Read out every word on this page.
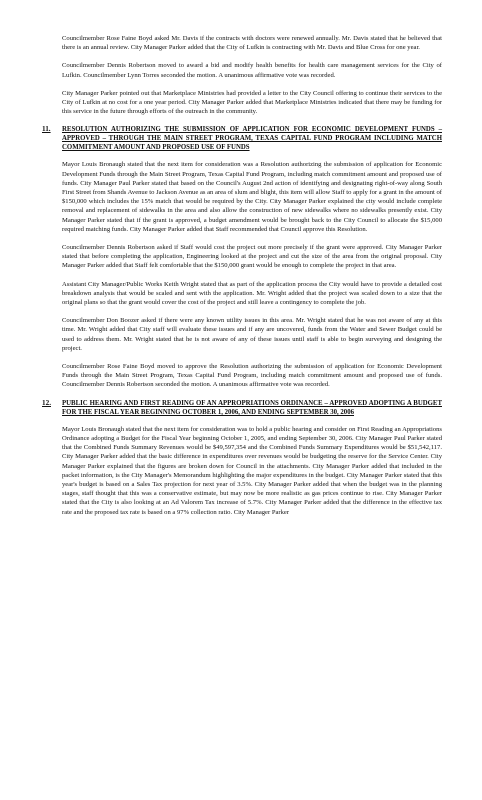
Councilmember Rose Faine Boyd asked Mr. Davis if the contracts with doctors were renewed annually. Mr. Davis stated that he believed that there is an annual review. City Manager Parker added that the City of Lufkin is contracting with Mr. Davis and Blue Cross for one year.

Councilmember Dennis Robertson moved to award a bid and modify health benefits for health care management services for the City of Lufkin. Councilmember Lynn Torres seconded the motion. A unanimous affirmative vote was recorded.

City Manager Parker pointed out that Marketplace Ministries had provided a letter to the City Council offering to continue their services to the City of Lufkin at no cost for a one year period. City Manager Parker added that Marketplace Ministries indicated that there may be funding for this service in the future through efforts of the outreach in the community.

11.	RESOLUTION AUTHORIZING THE SUBMISSION OF APPLICATION FOR ECONOMIC DEVELOPMENT FUNDS – APPROVED – THROUGH THE MAIN STREET PROGRAM, TEXAS CAPITAL FUND PROGRAM INCLUDING MATCH COMMITMENT AMOUNT AND PROPOSED USE OF FUNDS

Mayor Louis Bronaugh stated that the next item for consideration was a Resolution authorizing the submission of application for Economic Development Funds through the Main Street Program, Texas Capital Fund Program, including match commitment amount and proposed use of funds. City Manager Paul Parker stated that based on the Council's August 2nd action of identifying and designating right-of-way along South First Street from Shands Avenue to Jackson Avenue as an area of slum and blight, this item will allow Staff to apply for a grant in the amount of $150,000 which includes the 15% match that would be required by the City. City Manager Parker explained the city would include complete removal and replacement of sidewalks in the area and also allow the construction of new sidewalks where no sidewalks presently exist. City Manager Parker stated that if the grant is approved, a budget amendment would be brought back to the City Council to allocate the $15,000 required matching funds. City Manager Parker added that Staff recommended that Council approve this Resolution.

Councilmember Dennis Robertson asked if Staff would cost the project out more precisely if the grant were approved. City Manager Parker stated that before completing the application, Engineering looked at the project and cut the size of the area from the original proposal. City Manager Parker added that Staff felt comfortable that the $150,000 grant would be enough to complete the project in that area.

Assistant City Manager/Public Works Keith Wright stated that as part of the application process the City would have to provide a detailed cost breakdown analysis that would be scaled and sent with the application. Mr. Wright added that the project was scaled down to a size that the original plans so that the grant would cover the cost of the project and still leave a contingency to complete the job.

Councilmember Don Boozer asked if there were any known utility issues in this area. Mr. Wright stated that he was not aware of any at this time. Mr. Wright added that City staff will evaluate these issues and if any are uncovered, funds from the Water and Sewer Budget could be used to address them. Mr. Wright stated that he is not aware of any of these issues until staff is able to begin surveying and designing the project.

Councilmember Rose Faine Boyd moved to approve the Resolution authorizing the submission of application for Economic Development Funds through the Main Street Program, Texas Capital Fund Program, including match commitment amount and proposed use of funds. Councilmember Dennis Robertson seconded the motion. A unanimous affirmative vote was recorded.

12.	PUBLIC HEARING AND FIRST READING OF AN APPROPRIATIONS ORDINANCE – APPROVED ADOPTING A BUDGET FOR THE FISCAL YEAR BEGINNING OCTOBER 1, 2006, AND ENDING SEPTEMBER 30, 2006

Mayor Louis Bronaugh stated that the next item for consideration was to hold a public hearing and consider on First Reading an Appropriations Ordinance adopting a Budget for the Fiscal Year beginning October 1, 2005, and ending September 30, 2006. City Manager Paul Parker stated that the Combined Funds Summary Revenues would be $49,597,354 and the Combined Funds Summary Expenditures would be $51,542,117. City Manager Parker added that the basic difference in expenditures over revenues would be budgeting the reserve for the Service Center. City Manager Parker explained that the figures are broken down for Council in the attachments. City Manager Parker added that included in the packet information, is the City Manager's Memorandum highlighting the major expenditures in the budget. City Manager Parker stated that this year's budget is based on a Sales Tax projection for next year of 3.5%. City Manager Parker added that when the budget was in the planning stages, staff thought that this was a conservative estimate, but may now be more realistic as gas prices continue to rise. City Manager Parker stated that the City is also looking at an Ad Valorem Tax increase of 5.7%. City Manager Parker added that the difference in the effective tax rate and the proposed tax rate is based on a 97% collection ratio. City Manager Parker
